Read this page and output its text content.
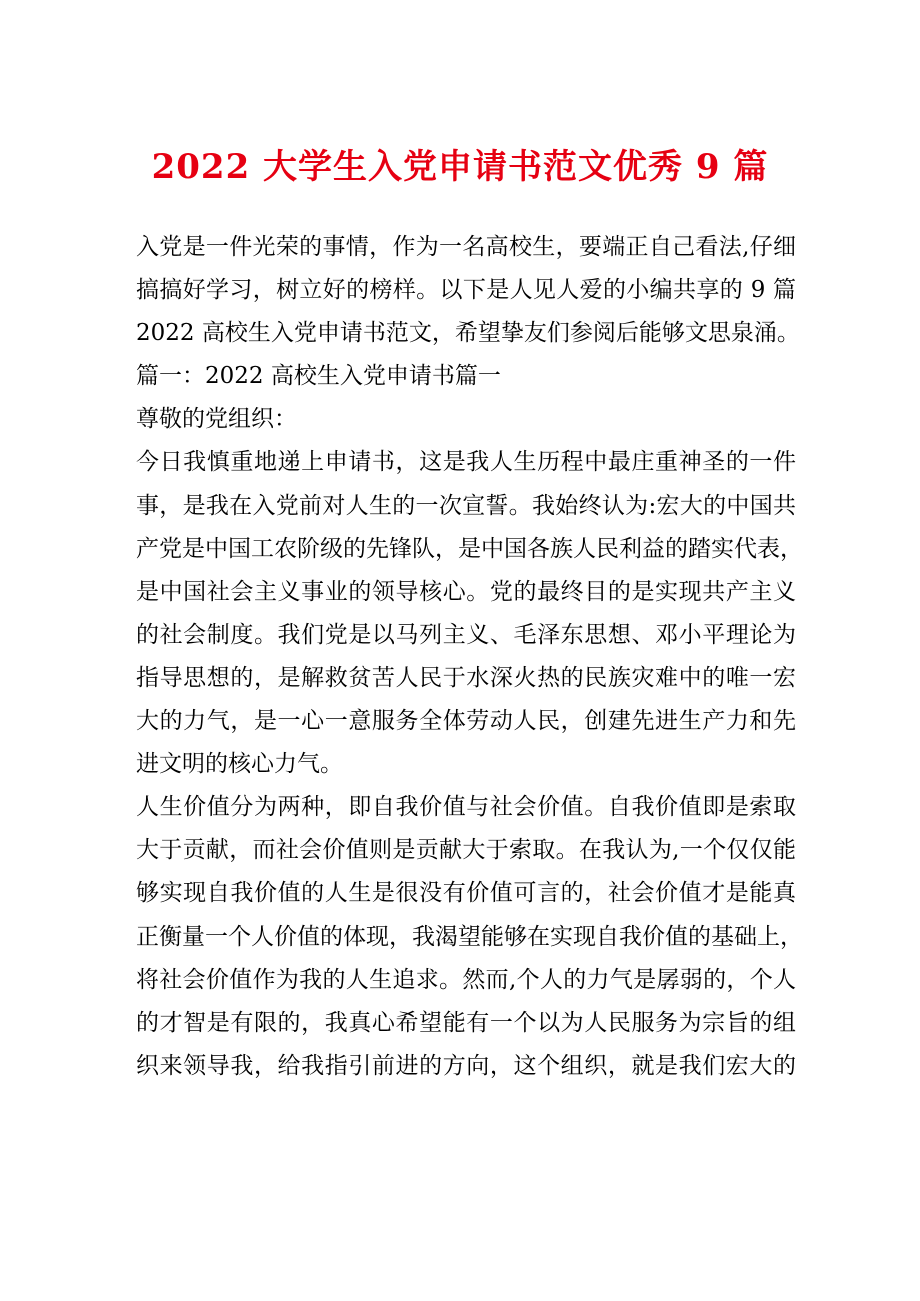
2022 大学生入党申请书范文优秀 9 篇
入党是一件光荣的事情，作为一名高校生，要端正自己看法,仔细
搞搞好学习，树立好的榜样。以下是人见人爱的小编共享的 9 篇
2022 高校生入党申请书范文，希望挚友们参阅后能够文思泉涌。
篇一：2022 高校生入党申请书篇一
尊敬的党组织：
今日我慎重地递上申请书，这是我人生历程中最庄重神圣的一件
事，是我在入党前对人生的一次宣誓。我始终认为:宏大的中国共
产党是中国工农阶级的先锋队，是中国各族人民利益的踏实代表，
是中国社会主义事业的领导核心。党的最终目的是实现共产主义
的社会制度。我们党是以马列主义、毛泽东思想、邓小平理论为
指导思想的，是解救贫苦人民于水深火热的民族灾难中的唯一宏
大的力气，是一心一意服务全体劳动人民，创建先进生产力和先
进文明的核心力气。
人生价值分为两种，即自我价值与社会价值。自我价值即是索取
大于贡献，而社会价值则是贡献大于索取。在我认为,一个仅仅能
够实现自我价值的人生是很没有价值可言的，社会价值才是能真
正衡量一个人价值的体现，我渴望能够在实现自我价值的基础上，
将社会价值作为我的人生追求。然而,个人的力气是孱弱的，个人
的才智是有限的，我真心希望能有一个以为人民服务为宗旨的组
织来领导我，给我指引前进的方向，这个组织，就是我们宏大的
